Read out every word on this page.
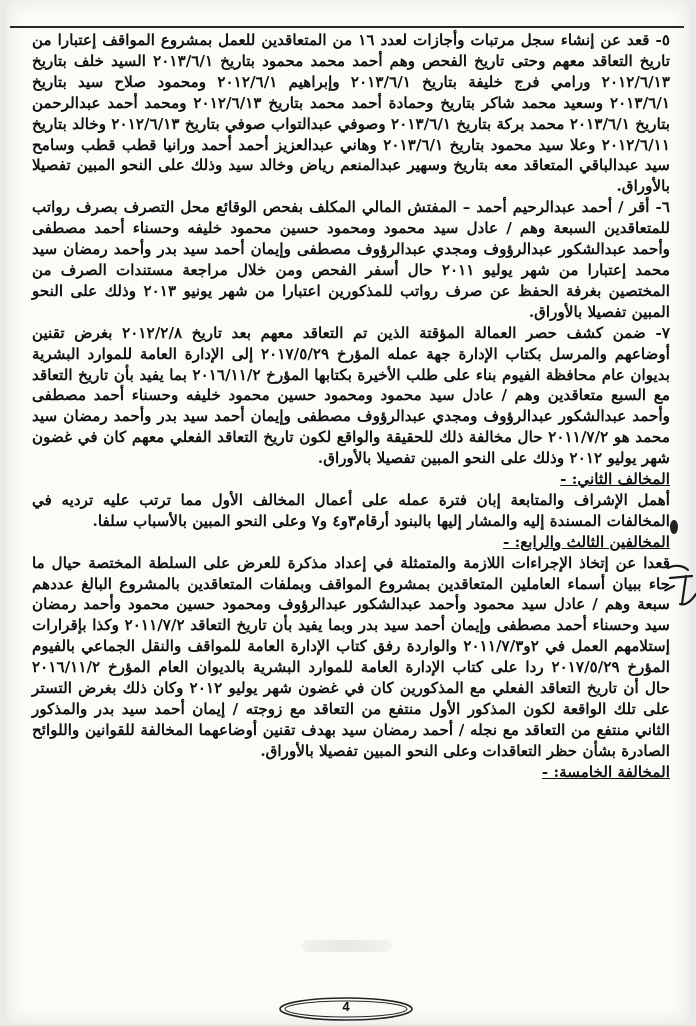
٥- قعد عن إنشاء سجل مرتبات وأجازات لعدد ١٦ من المتعاقدين للعمل بمشروع المواقف إعتبارا من تاريخ التعاقد معهم وحتى تاريخ الفحص وهم أحمد محمد محمود بتاريخ ٢٠١٣/٦/١ السيد خلف بتاريخ ٢٠١٢/٦/١٣ ورامي فرج خليفة بتاريخ ٢٠١٣/٦/١ وإبراهيم ٢٠١٢/٦/١ ومحمود صلاح سيد بتاريخ ٢٠١٣/٦/١ وسعيد محمد شاكر بتاريخ وحمادة أحمد محمد بتاريخ ٢٠١٢/٦/١٣ ومحمد أحمد عبدالرحمن بتاريخ ٢٠١٣/٦/١ محمد بركة بتاريخ ٢٠١٣/٦/١ وصوفي عبدالتواب صوفي بتاريخ ٢٠١٢/٦/١٣ وخالد بتاريخ ٢٠١٢/٦/١١ وعلا سيد محمود بتاريخ ٢٠١٣/٦/١ وهاني عبدالعزيز أحمد أحمد ورانيا قطب قطب وسامح سيد عبدالباقي المتعاقد معه بتاريخ وسهير عبدالمنعم رياض وخالد سيد وذلك على النحو المبين تفصيلا بالأوراق.

٦- أقر / أحمد عبدالرحيم أحمد – المفتش المالي المكلف بفحص الوقائع محل التصرف بصرف رواتب للمتعاقدين السبعة وهم / عادل سيد محمود ومحمود حسين محمود خليفه وحسناء أحمد مصطفى وأحمد عبدالشكور عبدالرؤوف ومجدي عبدالرؤوف مصطفى وإيمان أحمد سيد بدر وأحمد رمضان سيد محمد إعتبارا من شهر يوليو ٢٠١١ حال أسفر الفحص ومن خلال مراجعة مستندات الصرف من المختصين بغرفة الحفظ عن صرف رواتب للمذكورين اعتبارا من شهر يونيو ٢٠١٣ وذلك على النحو المبين تفصيلا بالأوراق.

٧- ضمن كشف حصر العمالة المؤقتة الذين تم التعاقد معهم بعد تاريخ ٢٠١٢/٢/٨ بغرض تقنين أوضاعهم والمرسل بكتاب الإدارة جهة عمله المؤرخ ٢٠١٧/٥/٢٩ إلى الإدارة العامة للموارد البشرية بديوان عام محافظة الفيوم بناء على طلب الأخيرة بكتابها المؤرخ ٢٠١٦/١١/٢ بما يفيد بأن تاريخ التعاقد مع السبع متعاقدين وهم / عادل سيد محمود ومحمود حسين محمود خليفه وحسناء أحمد مصطفى وأحمد عبدالشكور عبدالرؤوف ومجدي عبدالرؤوف مصطفى وإيمان أحمد سيد بدر وأحمد رمضان سيد محمد هو ٢٠١١/٧/٢ حال مخالفة ذلك للحقيقة والواقع لكون تاريخ التعاقد الفعلي معهم كان في غضون شهر يوليو ٢٠١٢ وذلك على النحو المبين تفصيلا بالأوراق.

المخالف الثاني: -

أهمل الإشراف والمتابعة إبان فترة عمله على أعمال المخالف الأول مما ترتب عليه ترديه في المخالفات المسندة إليه والمشار إليها بالبنود أرقام٣و٤ و٧ وعلى النحو المبين بالأسباب سلفا.

المخالفين الثالث والرابع: -

قعدا عن إتخاذ الإجراءات اللازمة والمتمثلة في إعداد مذكرة للعرض على السلطة المختصة حيال ما جاء ببيان أسماء العاملين المتعاقدين بمشروع المواقف وبملفات المتعاقدين بالمشروع البالغ عددهم سبعة وهم / عادل سيد محمود وأحمد عبدالشكور عبدالرؤوف ومحمود حسين محمود وأحمد رمضان سيد وحسناء أحمد مصطفى وإيمان أحمد سيد بدر وبما يفيد بأن تاريخ التعاقد ٢٠١١/٧/٢ وكذا بإقرارات إستلامهم العمل في ٢و٢٠١١/٧/٣ والواردة رفق كتاب الإدارة العامة للمواقف والنقل الجماعي بالفيوم المؤرخ ٢٠١٧/٥/٢٩ ردا على كتاب الإدارة العامة للموارد البشرية بالديوان العام المؤرخ ٢٠١٦/١١/٢ حال أن تاريخ التعاقد الفعلي مع المذكورين كان في غضون شهر يوليو ٢٠١٢ وكان ذلك بغرض التستر على تلك الواقعة لكون المذكور الأول منتفع من التعاقد مع زوجته / إيمان أحمد سيد بدر والمذكور الثاني منتفع من التعاقد مع نجله / أحمد رمضان سيد بهدف تقنين أوضاعهما المخالفة للقوانين واللوائح الصادرة بشأن حظر التعاقدات وعلى النحو المبين تفصيلا بالأوراق.

المخالفة الخامسة: -

4
